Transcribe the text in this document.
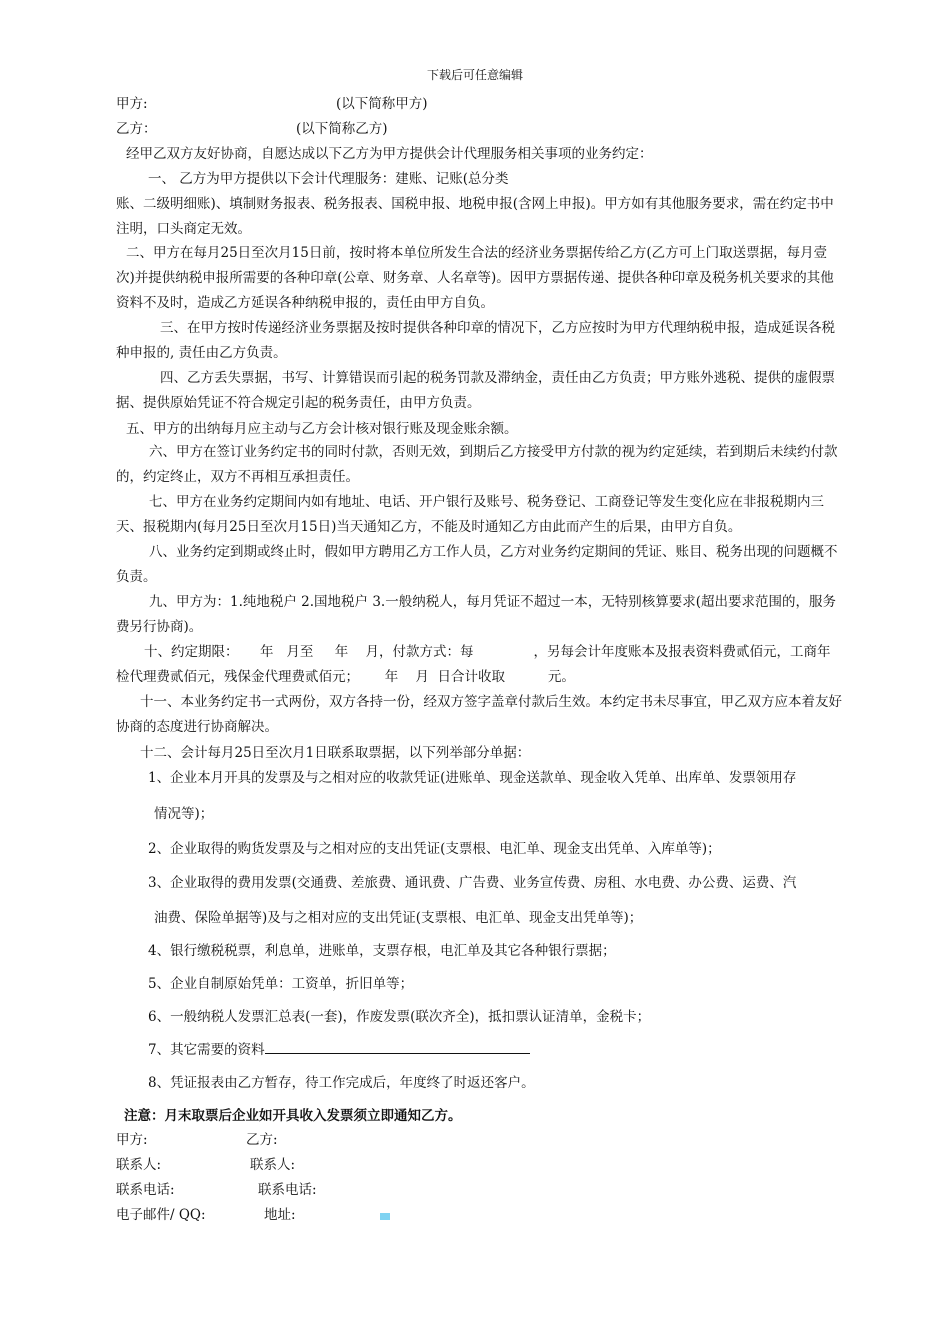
下载后可任意编辑
甲方:	(以下简称甲方)
乙方：	(以下简称乙方)
经甲乙双方友好协商，自愿达成以下乙方为甲方提供会计代理服务相关事项的业务约定：
一、 乙方为甲方提供以下会计代理服务：建账、记账(总分类
账、二级明细账)、填制财务报表、税务报表、国税申报、地税申报(含网上申报)。甲方如有其他服务要求，需在约定书中注明，口头商定无效。
二、甲方在每月25日至次月15日前，按时将本单位所发生合法的经济业务票据传给乙方(乙方可上门取送票据，每月壹次)并提供纳税申报所需要的各种印章(公章、财务章、人名章等)。因甲方票据传递、提供各种印章及税务机关要求的其他资料不及时，造成乙方延误各种纳税申报的，责任由甲方自负。
三、在甲方按时传递经济业务票据及按时提供各种印章的情况下，乙方应按时为甲方代理纳税申报，造成延误各税种申报的, 责任由乙方负责。
四、乙方丢失票据，书写、计算错误而引起的税务罚款及滞纳金，责任由乙方负责；甲方账外逃税、提供的虚假票据、提供原始凭证不符合规定引起的税务责任，由甲方负责。
五、甲方的出纳每月应主动与乙方会计核对银行账及现金账余额。
六、甲方在签订业务约定书的同时付款，否则无效，到期后乙方接受甲方付款的视为约定延续，若到期后未续约付款的，约定终止，双方不再相互承担责任。
七、甲方在业务约定期间内如有地址、电话、开户银行及账号、税务登记、工商登记等发生变化应在非报税期内三天、报税期内(每月25日至次月15日)当天通知乙方，不能及时通知乙方由此而产生的后果，由甲方自负。
八、业务约定到期或终止时，假如甲方聘用乙方工作人员，乙方对业务约定期间的凭证、账目、税务出现的问题概不负责。
九、甲方为：1.纯地税户 2.国地税户 3.一般纳税人，每月凭证不超过一本，无特别核算要求(超出要求范围的，服务费另行协商)。
十、约定期限：     年   月至     年    月，付款方式：每              ，另每会计年度账本及报表资料费贰佰元，工商年检代理费贰佰元，残保金代理费贰佰元；      年    月  日合计收取          元。
十一、本业务约定书一式两份，双方各持一份，经双方签字盖章付款后生效。本约定书未尽事宜，甲乙双方应本着友好协商的态度进行协商解决。
十二、会计每月25日至次月1日联系取票据，以下列举部分单据：
1、企业本月开具的发票及与之相对应的收款凭证(进账单、现金送款单、现金收入凭单、出库单、发票领用存
情况等)；
2、企业取得的购货发票及与之相对应的支出凭证(支票根、电汇单、现金支出凭单、入库单等)；
3、企业取得的费用发票(交通费、差旅费、通讯费、广告费、业务宣传费、房租、水电费、办公费、运费、汽
油费、保险单据等)及与之相对应的支出凭证(支票根、电汇单、现金支出凭单等)；
4、银行缴税税票，利息单，进账单，支票存根，电汇单及其它各种银行票据；
5、企业自制原始凭单：工资单，折旧单等；
6、一般纳税人发票汇总表(一套)，作废发票(联次齐全)，抵扣票认证清单，金税卡；
7、其它需要的资料
8、凭证报表由乙方暂存，待工作完成后，年度终了时返还客户。
注意：月末取票后企业如开具收入发票须立即通知乙方。
甲方:	乙方:
联系人:	联系人:
联系电话:	联系电话:
电子邮件/ QQ:	地址:
